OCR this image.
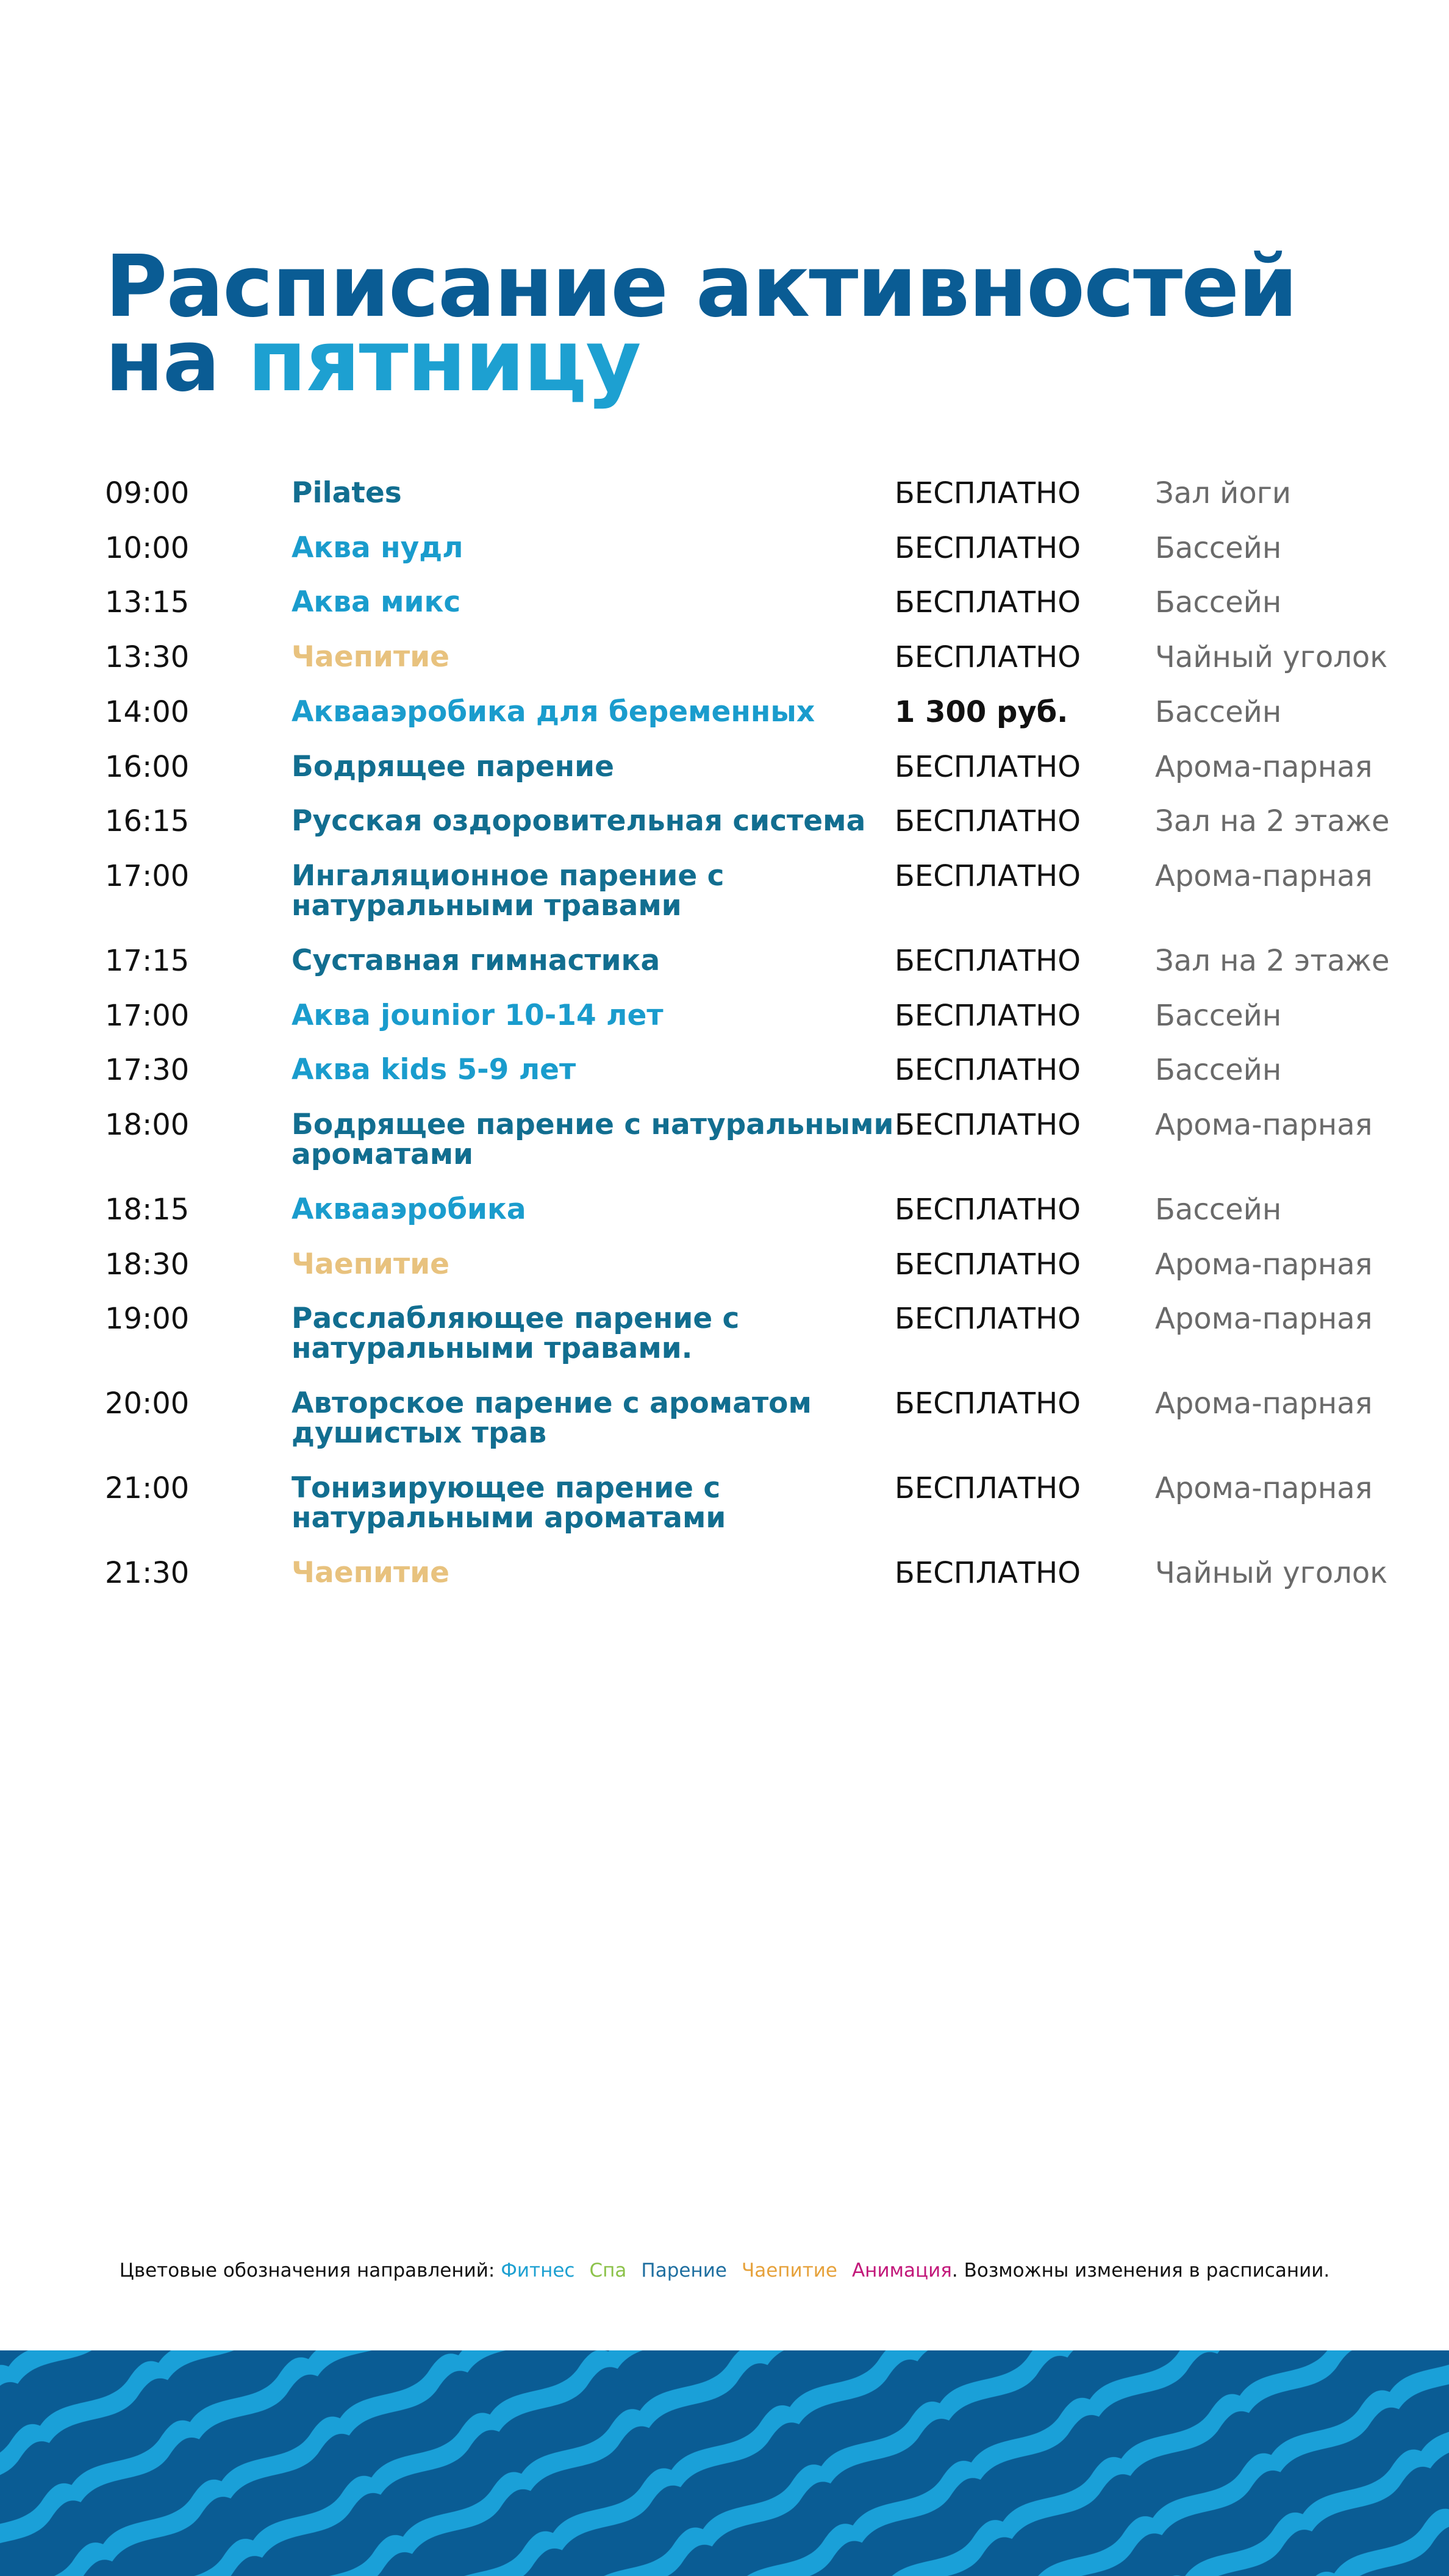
Расписание активностей
на пятницу
09:00	Pilates	БЕСПЛАТНО	Зал йоги
10:00	Аква нудл	БЕСПЛАТНО	Бассейн
13:15	Аква микс	БЕСПЛАТНО	Бассейн
13:30	Чаепитие	БЕСПЛАТНО	Чайный уголок
14:00	Аквааэробика для беременных	1 300 руб.	Бассейн
16:00	Бодрящее парение	БЕСПЛАТНО	Арома-парная
16:15	Русская оздоровительная система БЕСПЛАТНО	Зал на 2 этаже
17:00	Ингаляционное парение с
натуральными травами
БЕСПЛАТНО	Арома-парная
17:15	Суставная гимнастика	БЕСПЛАТНО	Зал на 2 этаже
17:00	Аква jounior 10-14 лет	БЕСПЛАТНО	Бассейн
17:30	Аква kids 5-9 лет	БЕСПЛАТНО	Бассейн
18:00	Бодрящее парение с натуральными
ароматами
БЕСПЛАТНО	Арома-парная
18:15	Аквааэробика	БЕСПЛАТНО	Бассейн
18:30	Чаепитие	БЕСПЛАТНО	Арома-парная
19:00	Расслабляющее парение с
натуральными травами.
БЕСПЛАТНО	Арома-парная
20:00	Авторское парение с ароматом
душистых трав
БЕСПЛАТНО	Арома-парная
21:00	Тонизирующее парение с
натуральными ароматами
БЕСПЛАТНО	Арома-парная
21:30	Чаепитие	БЕСПЛАТНО	Чайный уголок
Цветовые обозначения направлений: Фитнес Спа Парение Чаепитие Анимация. Возможны изменения в расписании.
